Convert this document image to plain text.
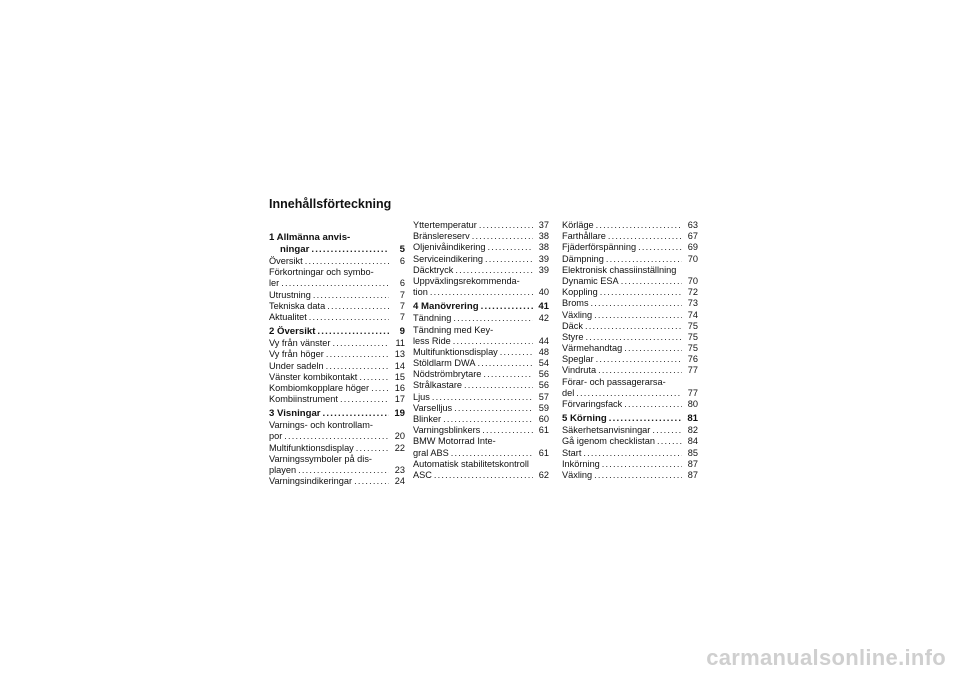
Innehållsförteckning
1 Allmänna anvis-
ningar .....	5
Översikt .....	6
Förkortningar och symbo-
ler .....	6
Utrustning .....	7
Tekniska data .....	7
Aktualitet .....	7
2 Översikt .....	9
Vy från vänster .....	11
Vy från höger .....	13
Under sadeln .....	14
Vänster kombikontakt .....	15
Kombiomkopplare höger .....	16
Kombiinstrument .....	17
3 Visningar .....	19
Varnings- och kontrollam-
por .....	20
Multifunktionsdisplay .....	22
Varningssymboler på dis-
playen .....	23
Varningsindikeringar .....	24
Yttertemperatur .....	37
Bränslereserv .....	38
Oljenivåindikering .....	38
Serviceindikering .....	39
Däcktryck .....	39
Uppväxlingsrekommenda-
tion .....	40
4 Manövrering .....	41
Tändning .....	42
Tändning med Key-
less Ride .....	44
Multifunktionsdisplay .....	48
Stöldlarm DWA .....	54
Nödströmbrytare .....	56
Strålkastare .....	56
Ljus .....	57
Varselljus .....	59
Blinker .....	60
Varningsblinkers .....	61
BMW Motorrad Inte-
gral ABS .....	61
Automatisk stabilitetskontroll
ASC .....	62
Körläge .....	63
Farthållare .....	67
Fjäderförspänning .....	69
Dämpning .....	70
Elektronisk chassiinställning
Dynamic ESA .....	70
Koppling .....	72
Broms .....	73
Växling .....	74
Däck .....	75
Styre .....	75
Värmehandtag .....	75
Speglar .....	76
Vindruta .....	77
Förar- och passagerarsa-
del .....	77
Förvaringsfack .....	80
5 Körning .....	81
Säkerhetsanvisningar .....	82
Gå igenom checklistan .....	84
Start .....	85
Inkörning .....	87
Växling .....	87
carmanualsonline.info
